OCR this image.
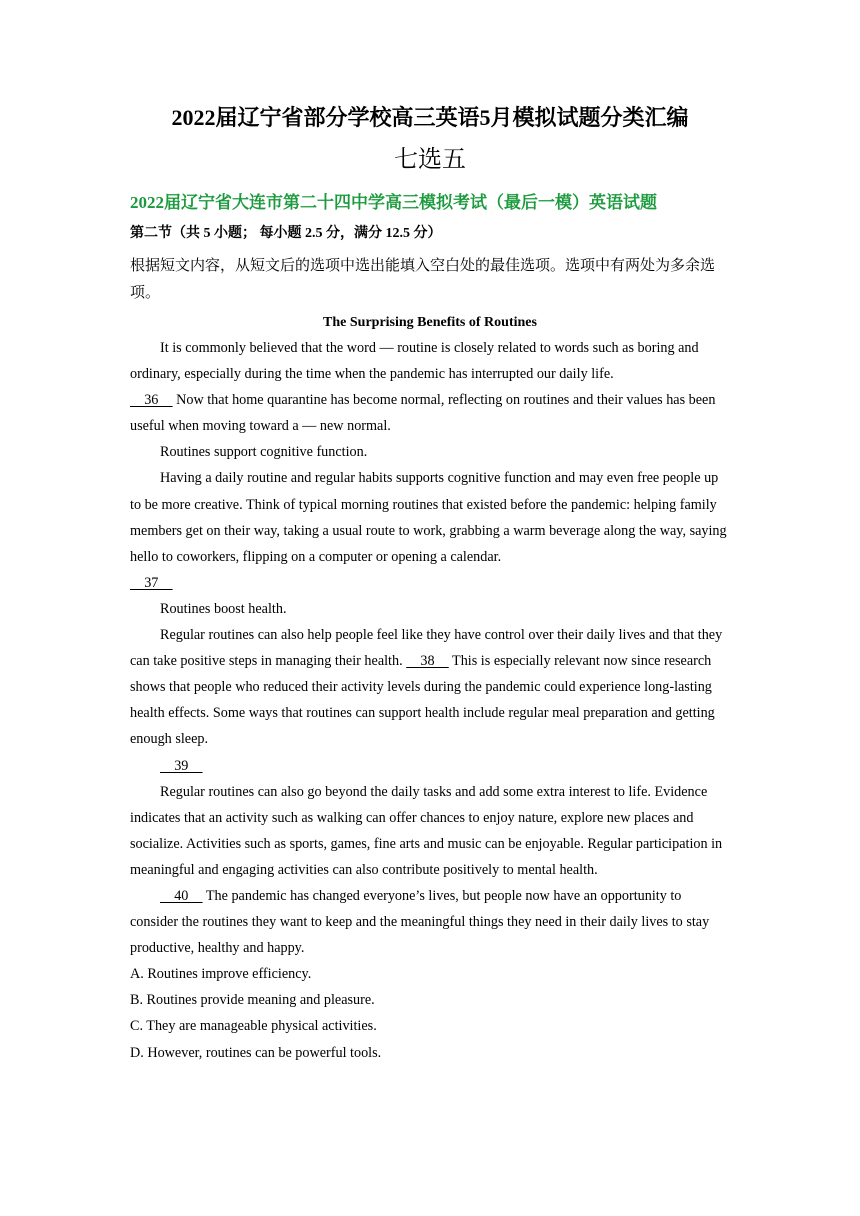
2022届辽宁省部分学校高三英语5月模拟试题分类汇编
七选五
2022届辽宁省大连市第二十四中学高三模拟考试（最后一模）英语试题
第二节（共 5 小题； 每小题 2.5 分，满分 12.5 分）
根据短文内容，从短文后的选项中选出能填入空白处的最佳选项。选项中有两处为多余选项。
The Surprising Benefits of Routines

It is commonly believed that the word — routine is closely related to words such as boring and ordinary, especially during the time when the pandemic has interrupted our daily life.

36     Now that home quarantine has become normal, reflecting on routines and their values has been useful when moving toward a — new normal.

Routines support cognitive function.

Having a daily routine and regular habits supports cognitive function and may even free people up to be more creative. Think of typical morning routines that existed before the pandemic: helping family members get on their way, taking a usual route to work, grabbing a warm beverage along the way, saying hello to coworkers, flipping on a computer or opening a calendar.

37

Routines boost health.

Regular routines can also help people feel like they have control over their daily lives and that they can take positive steps in managing their health.     38     This is especially relevant now since research shows that people who reduced their activity levels during the pandemic could experience long-lasting health effects. Some ways that routines can support health include regular meal preparation and getting enough sleep.

39

Regular routines can also go beyond the daily tasks and add some extra interest to life. Evidence indicates that an activity such as walking can offer chances to enjoy nature, explore new places and socialize. Activities such as sports, games, fine arts and music can be enjoyable. Regular participation in meaningful and engaging activities can also contribute positively to mental health.

40     The pandemic has changed everyone’s lives, but people now have an opportunity to consider the routines they want to keep and the meaningful things they need in their daily lives to stay productive, healthy and happy.

A. Routines improve efficiency.

B. Routines provide meaning and pleasure.

C. They are manageable physical activities.

D. However, routines can be powerful tools.
